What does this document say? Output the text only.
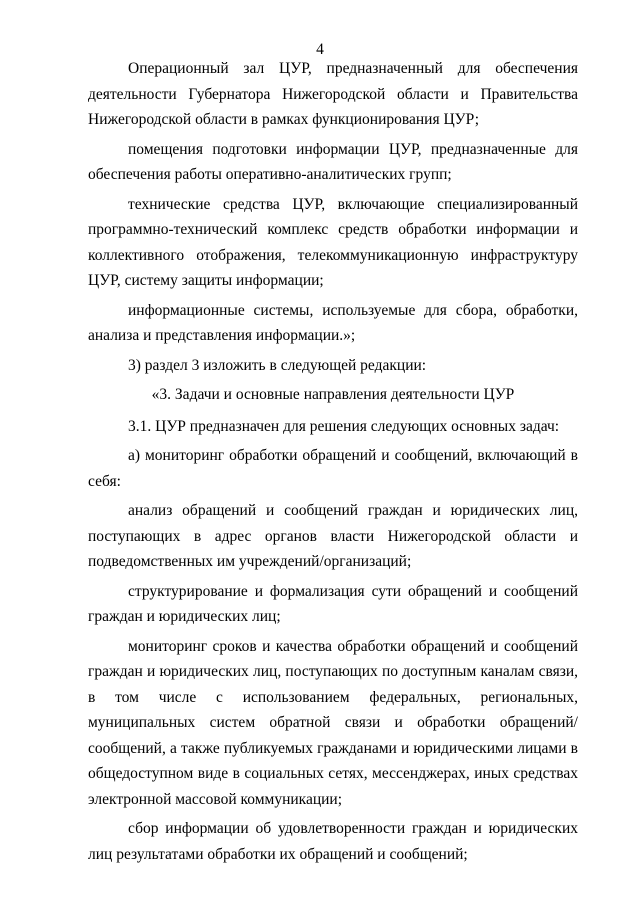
4

Операционный зал ЦУР, предназначенный для обеспечения деятельности Губернатора Нижегородской области и Правительства Нижегородской области в рамках функционирования ЦУР;

помещения подготовки информации ЦУР, предназначенные для обеспечения работы оперативно-аналитических групп;

технические средства ЦУР, включающие специализированный программно-технический комплекс средств обработки информации и коллективного отображения, телекоммуникационную инфраструктуру ЦУР, систему защиты информации;

информационные системы, используемые для сбора, обработки, анализа и представления информации.»;

3) раздел 3 изложить в следующей редакции:

«3. Задачи и основные направления деятельности ЦУР

3.1. ЦУР предназначен для решения следующих основных задач:

а) мониторинг обработки обращений и сообщений, включающий в себя:

анализ обращений и сообщений граждан и юридических лиц, поступающих в адрес органов власти Нижегородской области и подведомственных им учреждений/организаций;

структурирование и формализация сути обращений и сообщений граждан и юридических лиц;

мониторинг сроков и качества обработки обращений и сообщений граждан и юридических лиц, поступающих по доступным каналам связи, в том числе с использованием федеральных, региональных, муниципальных систем обратной связи и обработки обращений/сообщений, а также публикуемых гражданами и юридическими лицами в общедоступном виде в социальных сетях, мессенджерах, иных средствах электронной массовой коммуникации;

сбор информации об удовлетворенности граждан и юридических лиц результатами обработки их обращений и сообщений;
